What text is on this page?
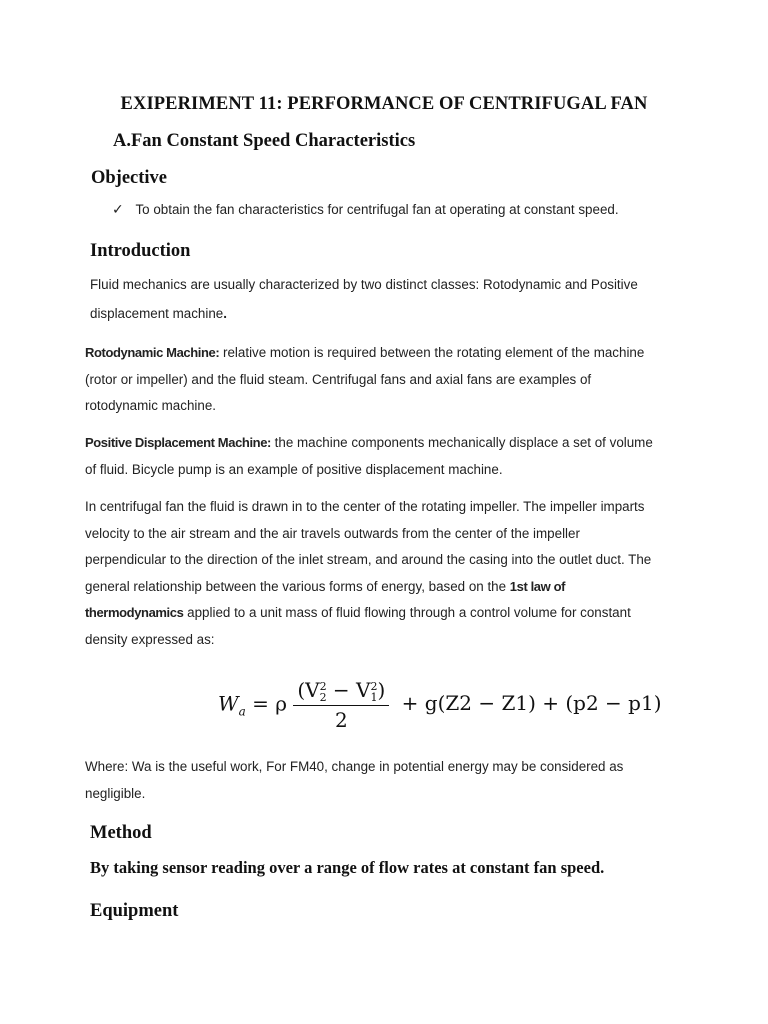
EXIPERIMENT 11: PERFORMANCE OF CENTRIFUGAL FAN
A.Fan Constant Speed Characteristics
Objective
✓ To obtain the fan characteristics for centrifugal fan at operating at constant speed.
Introduction
Fluid mechanics are usually characterized by two distinct classes: Rotodynamic and Positive
displacement machine.
Rotodynamic Machine: relative motion is required between the rotating element of the machine
(rotor or impeller) and the fluid steam. Centrifugal fans and axial fans are examples of
rotodynamic machine.
Positive Displacement Machine: the machine components mechanically displace a set of volume
of fluid. Bicycle pump is an example of positive displacement machine.
In centrifugal fan the fluid is drawn in to the center of the rotating impeller. The impeller imparts
velocity to the air stream and the air travels outwards from the center of the impeller
perpendicular to the direction of the inlet stream, and around the casing into the outlet duct. The
general relationship between the various forms of energy, based on the 1st law of
thermodynamics applied to a unit mass of fluid flowing through a control volume for constant
density expressed as:
$W_a = \rho$ (V 2
2 − V 2
1 )
2 + g(Z2 − Z1) + (p2 − p1)
Where: Wa is the useful work, For FM40, change in potential energy may be considered as
negligible.
Method
By taking sensor reading over a range of flow rates at constant fan speed.
Equipment
